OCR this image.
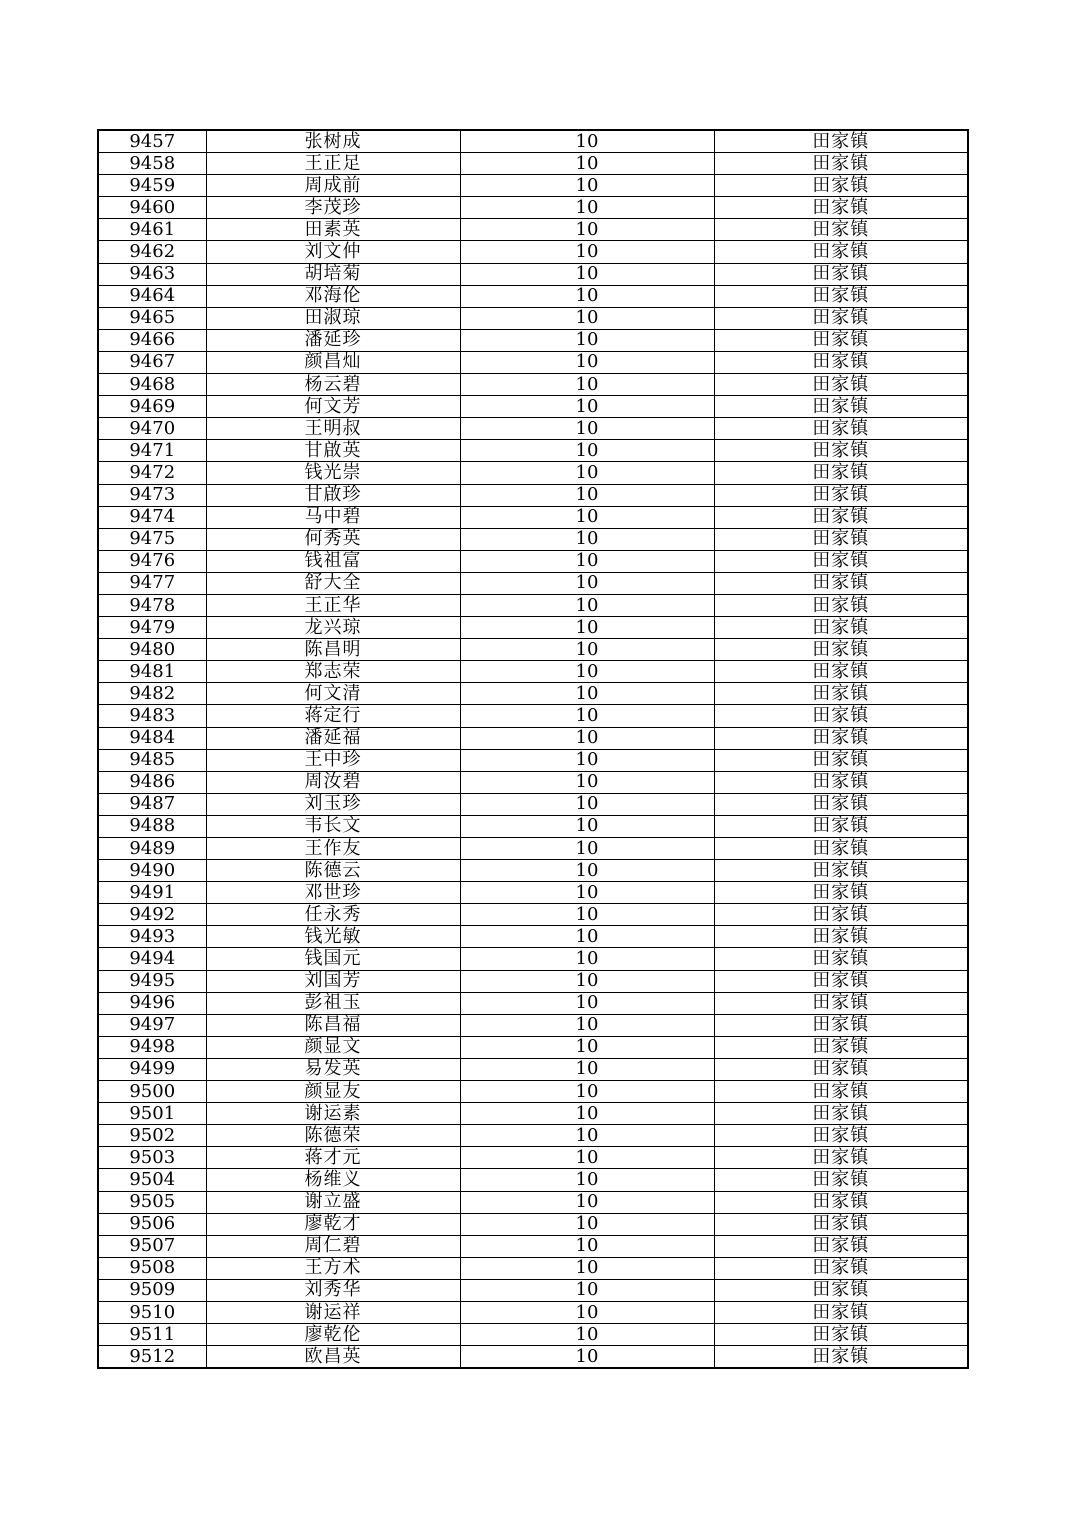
9457	张树成	10	田家镇
9458	王正足	10	田家镇
9459	周成前	10	田家镇
9460	李茂珍	10	田家镇
9461	田素英	10	田家镇
9462	刘文仲	10	田家镇
9463	胡培菊	10	田家镇
9464	邓海伦	10	田家镇
9465	田淑琼	10	田家镇
9466	潘延珍	10	田家镇
9467	颜昌灿	10	田家镇
9468	杨云碧	10	田家镇
9469	何文芳	10	田家镇
9470	王明叔	10	田家镇
9471	甘啟英	10	田家镇
9472	钱光崇	10	田家镇
9473	甘啟珍	10	田家镇
9474	马中碧	10	田家镇
9475	何秀英	10	田家镇
9476	钱祖富	10	田家镇
9477	舒大全	10	田家镇
9478	王正华	10	田家镇
9479	龙兴琼	10	田家镇
9480	陈昌明	10	田家镇
9481	郑志荣	10	田家镇
9482	何文清	10	田家镇
9483	蒋定行	10	田家镇
9484	潘延福	10	田家镇
9485	王中珍	10	田家镇
9486	周汝碧	10	田家镇
9487	刘玉珍	10	田家镇
9488	韦长文	10	田家镇
9489	王作友	10	田家镇
9490	陈德云	10	田家镇
9491	邓世珍	10	田家镇
9492	任永秀	10	田家镇
9493	钱光敏	10	田家镇
9494	钱国元	10	田家镇
9495	刘国芳	10	田家镇
9496	彭祖玉	10	田家镇
9497	陈昌福	10	田家镇
9498	颜显文	10	田家镇
9499	易发英	10	田家镇
9500	颜显友	10	田家镇
9501	谢运素	10	田家镇
9502	陈德荣	10	田家镇
9503	蒋才元	10	田家镇
9504	杨维义	10	田家镇
9505	谢立盛	10	田家镇
9506	廖乾才	10	田家镇
9507	周仁碧	10	田家镇
9508	王方术	10	田家镇
9509	刘秀华	10	田家镇
9510	谢运祥	10	田家镇
9511	廖乾伦	10	田家镇
9512	欧昌英	10	田家镇
